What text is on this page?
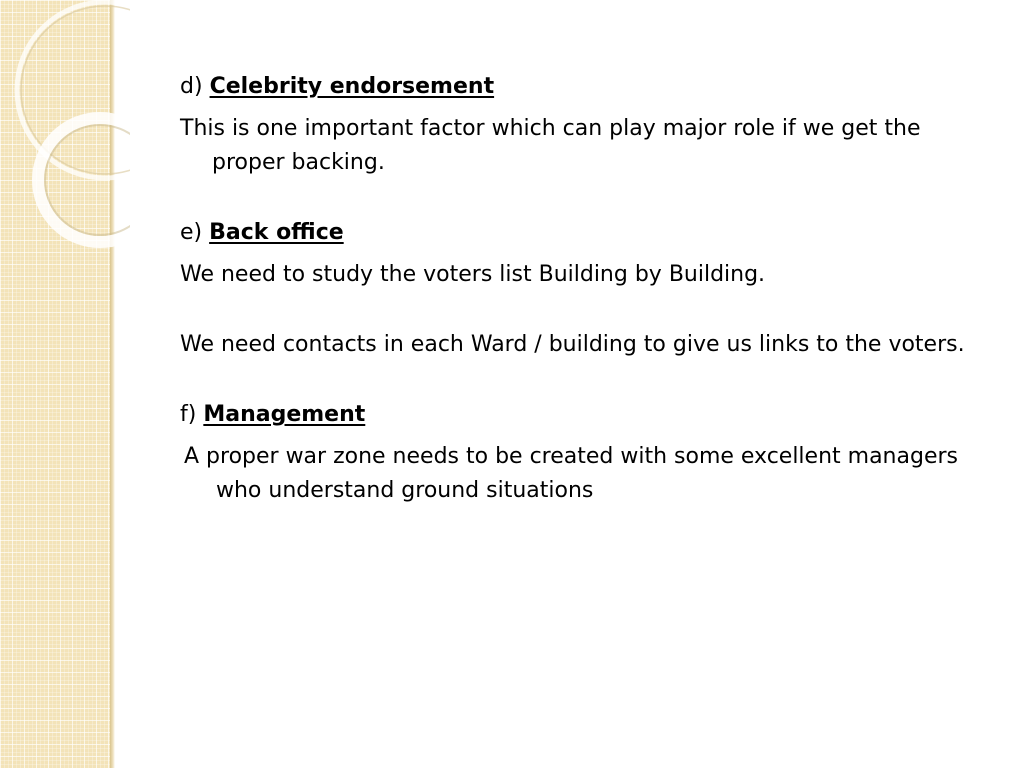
d) Celebrity endorsement

This is one important factor which can play major role if we get the proper backing.

e) Back office

We need to study the voters list Building by Building.

We need contacts in each Ward / building to give us links to the voters.

f) Management

A proper war zone needs to be created with some excellent managers who understand ground situations
